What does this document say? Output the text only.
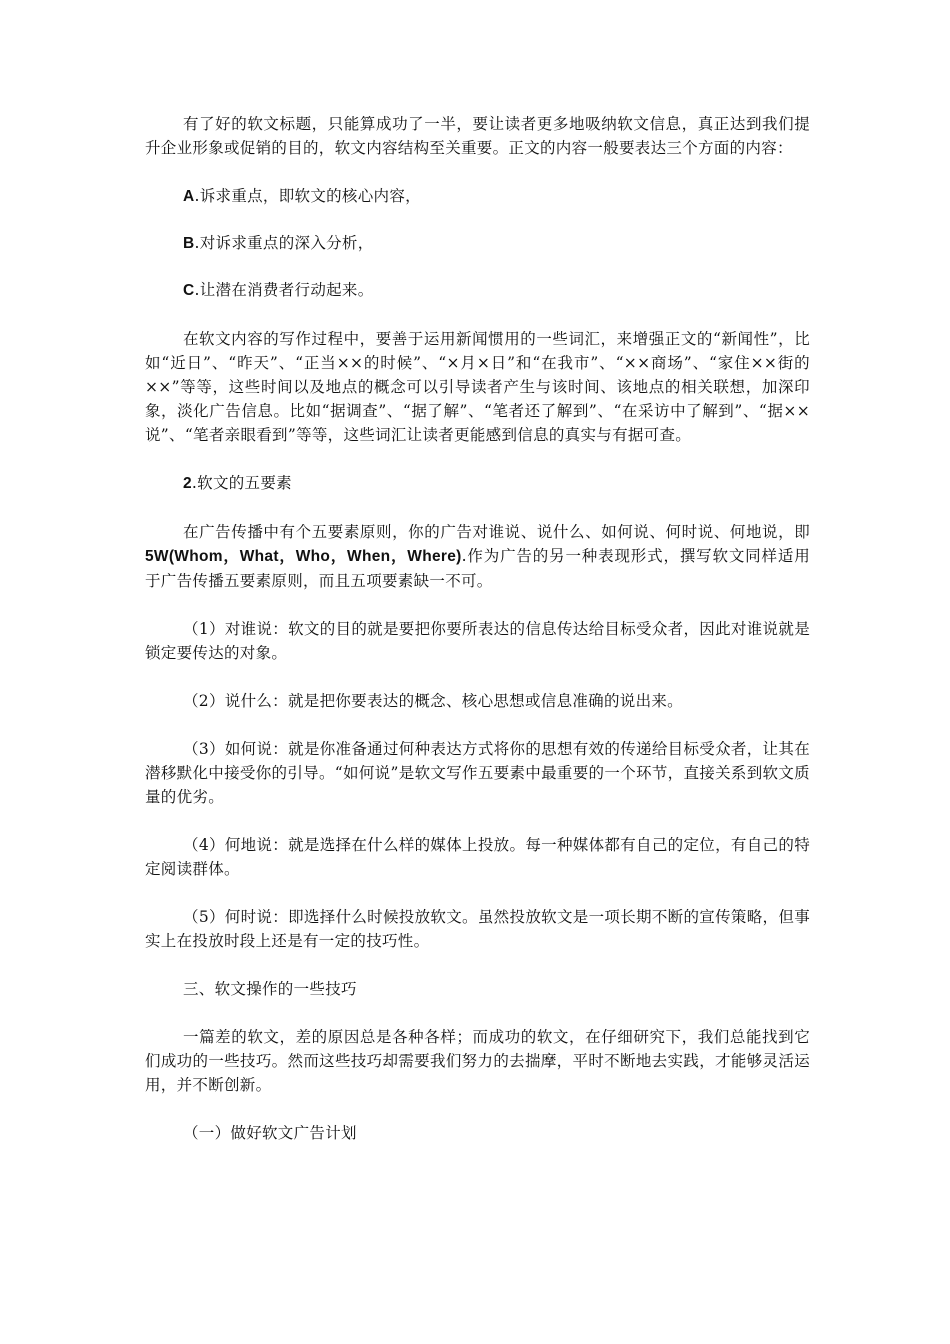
有了好的软文标题，只能算成功了一半，要让读者更多地吸纳软文信息，真正达到我们提升企业形象或促销的目的，软文内容结构至关重要。正文的内容一般要表达三个方面的内容：

A.诉求重点，即软文的核心内容，

B.对诉求重点的深入分析，

C.让潜在消费者行动起来。

在软文内容的写作过程中，要善于运用新闻惯用的一些词汇，来增强正文的“新闻性”，比如“近日”、“昨天”、“正当××的时候”、“×月×日”和“在我市”、“××商场”、“家住××街的××”等等，这些时间以及地点的概念可以引导读者产生与该时间、该地点的相关联想，加深印象，淡化广告信息。比如“据调查”、“据了解”、“笔者还了解到”、“在采访中了解到”、“据××说”、“笔者亲眼看到”等等，这些词汇让读者更能感到信息的真实与有据可查。

2.软文的五要素

在广告传播中有个五要素原则，你的广告对谁说、说什么、如何说、何时说、何地说，即 5W(Whom，What，Who，When，Where).作为广告的另一种表现形式，撰写软文同样适用于广告传播五要素原则，而且五项要素缺一不可。

（1）对谁说：软文的目的就是要把你要所表达的信息传达给目标受众者，因此对谁说就是锁定要传达的对象。

（2）说什么：就是把你要表达的概念、核心思想或信息准确的说出来。

（3）如何说：就是你准备通过何种表达方式将你的思想有效的传递给目标受众者，让其在潜移默化中接受你的引导。“如何说”是软文写作五要素中最重要的一个环节，直接关系到软文质量的优劣。

（4）何地说：就是选择在什么样的媒体上投放。每一种媒体都有自己的定位，有自己的特定阅读群体。

（5）何时说：即选择什么时候投放软文。虽然投放软文是一项长期不断的宣传策略，但事实上在投放时段上还是有一定的技巧性。

三、软文操作的一些技巧

一篇差的软文，差的原因总是各种各样；而成功的软文，在仔细研究下，我们总能找到它们成功的一些技巧。然而这些技巧却需要我们努力的去揣摩，平时不断地去实践，才能够灵活运用，并不断创新。

（一）做好软文广告计划
